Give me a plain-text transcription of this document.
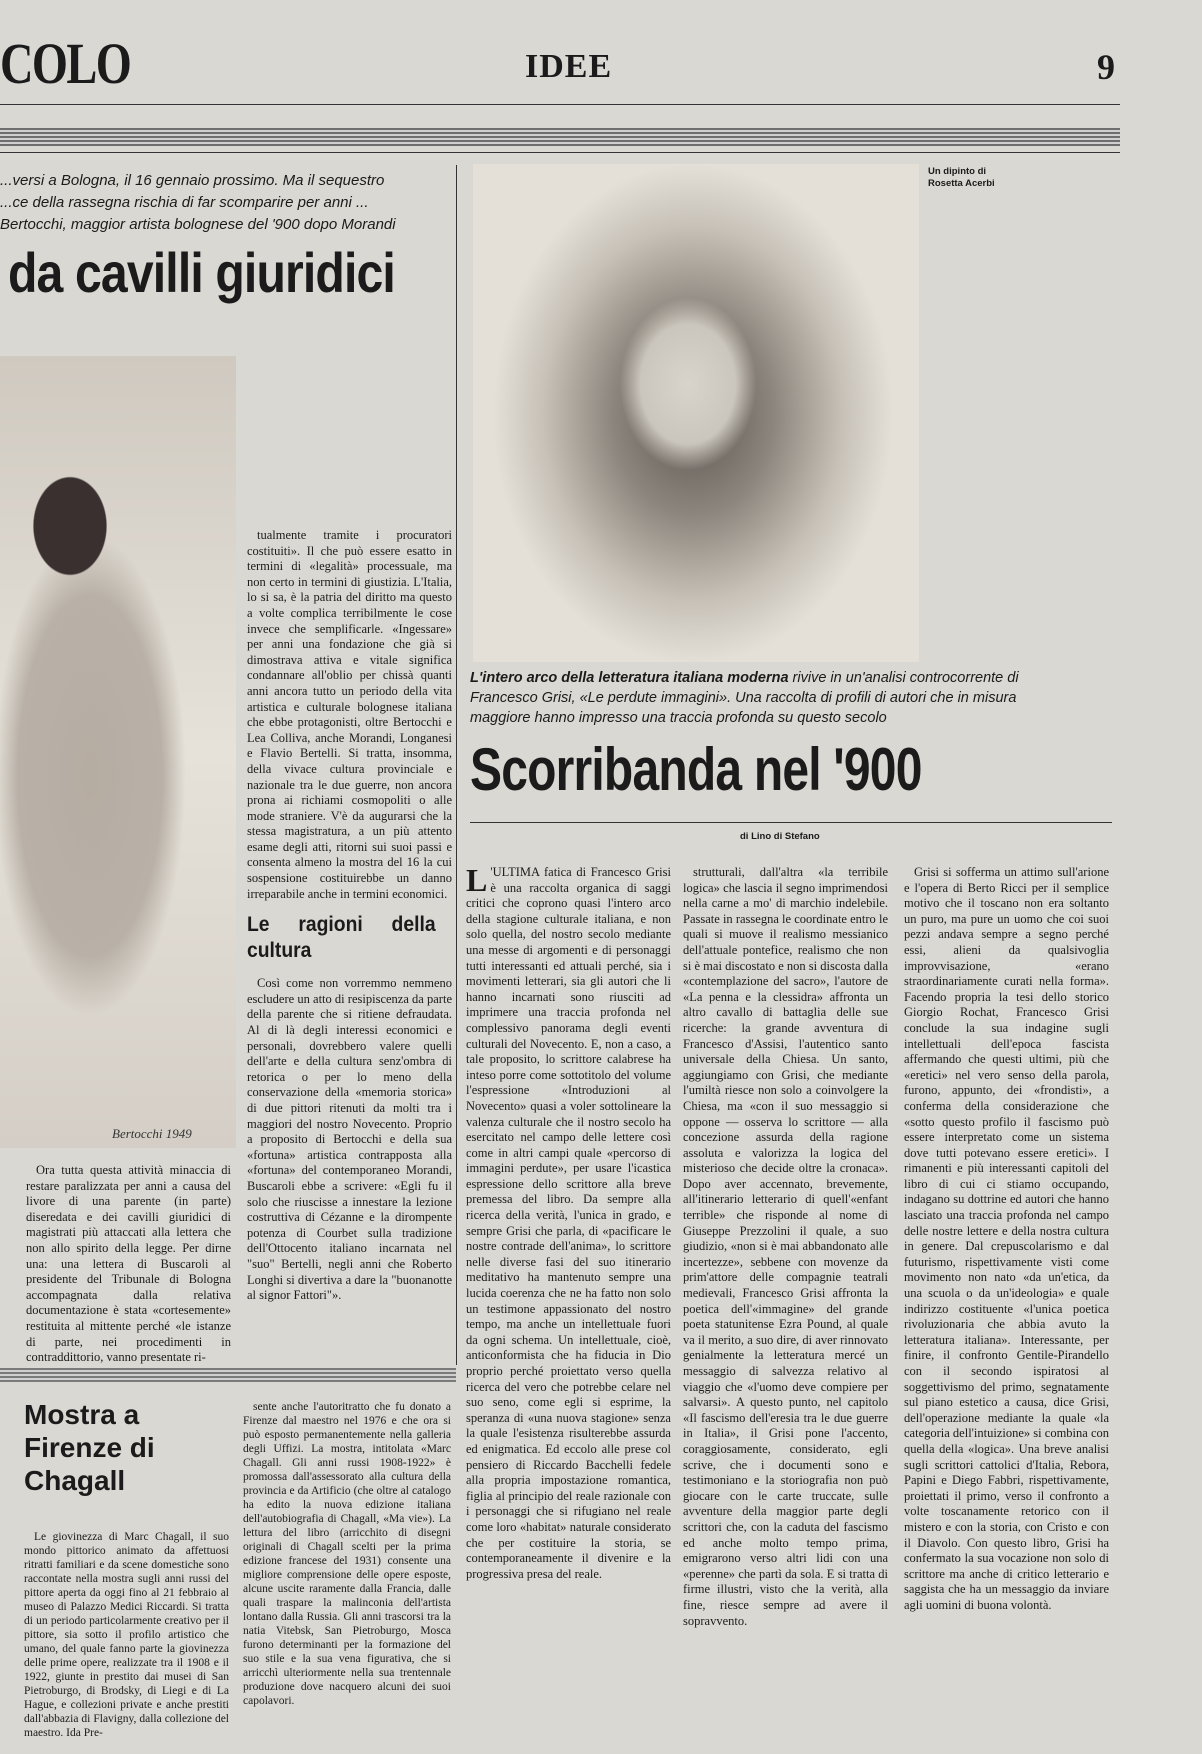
COLO	IDEE	9
...versi a Bologna, il 16 gennaio prossimo. Ma il sequestro ...ce della rassegna rischia di far scomparire per anni ... Bertocchi, maggior artista bolognese del '900 dopo Morandi
da cavilli giuridici
Bertocchi 1949

Ora tutta questa attività minaccia di restare paralizzata per anni a causa del livore di una parente (in parte) diseredata e dei cavilli giuridici di magistrati più attaccati alla lettera che non allo spirito della legge. Per dirne una: una lettera di Buscaroli al presidente del Tribunale di Bologna accompagnata dalla relativa documentazione è stata «cortesemente» restituita al mittente perché «le istanze di parte, nei procedimenti in contraddittorio, vanno presentate ri-

tualmente tramite i procuratori costituiti». Il che può essere esatto in termini di «legalità» processuale, ma non certo in termini di giustizia. L'Italia, lo si sa, è la patria del diritto ma questo a volte complica terribilmente le cose invece che semplificarle. «Ingessare» per anni una fondazione che già si dimostrava attiva e vitale significa condannare all'oblio per chissà quanti anni ancora tutto un periodo della vita artistica e culturale bolognese italiana che ebbe protagonisti, oltre Bertocchi e Lea Colliva, anche Morandi, Longanesi e Flavio Bertelli. Si tratta, insomma, della vivace cultura provinciale e nazionale tra le due guerre, non ancora prona ai richiami cosmopoliti o alle mode straniere. V'è da augurarsi che la stessa magistratura, a un più attento esame degli atti, ritorni sui suoi passi e consenta almeno la mostra del 16 la cui sospensione costituirebbe un danno irreparabile anche in termini economici.

Le ragioni della cultura

Così come non vorremmo nemmeno escludere un atto di resipiscenza da parte della parente che si ritiene defraudata. Al di là degli interessi economici e personali, dovrebbero valere quelli dell'arte e della cultura senz'ombra di retorica o per lo meno della conservazione della «memoria storica» di due pittori ritenuti da molti tra i maggiori del nostro Novecento. Proprio a proposito di Bertocchi e della sua «fortuna» artistica contrapposta alla «fortuna» del contemporaneo Morandi, Buscaroli ebbe a scrivere: «Egli fu il solo che riuscisse a innestare la lezione costruttiva di Cézanne e la dirompente potenza di Courbet sulla tradizione dell'Ottocento italiano incarnata nel "suo" Bertelli, negli anni che Roberto Longhi si divertiva a dare la "buonanotte al signor Fattori"».

Un dipinto di Rosetta Acerbi
L'intero arco della letteratura italiana moderna rivive in un'analisi controcorrente di Francesco Grisi, «Le perdute immagini». Una raccolta di profili di autori che in misura maggiore hanno impresso una traccia profonda su questo secolo
Scorribanda nel '900
di Lino di Stefano

L 'ULTIMA fatica di Francesco Grisi è una raccolta organica di saggi critici che coprono quasi l'intero arco della stagione culturale italiana, e non solo quella, del nostro secolo mediante una messe di argomenti e di personaggi tutti interessanti ed attuali perché, sia i movimenti letterari, sia gli autori che li hanno incarnati sono riusciti ad imprimere una traccia profonda nel complessivo panorama degli eventi culturali del Novecento. E, non a caso, a tale proposito, lo scrittore calabrese ha inteso porre come sottotitolo del volume l'espressione «Introduzioni al Novecento» quasi a voler sottolineare la valenza culturale che il nostro secolo ha esercitato nel campo delle lettere così come in altri campi quale «percorso di immagini perdute», per usare l'icastica espressione dello scrittore alla breve premessa del libro. Da sempre alla ricerca della verità, l'unica in grado, e sempre Grisi che parla, di «pacificare le nostre contrade dell'anima», lo scrittore nelle diverse fasi del suo itinerario meditativo ha mantenuto sempre una lucida coerenza che ne ha fatto non solo un testimone appassionato del nostro tempo, ma anche un intellettuale fuori da ogni schema. Un intellettuale, cioè, anticonformista che ha fiducia in Dio proprio perché proiettato verso quella ricerca del vero che potrebbe celare nel suo seno, come egli si esprime, la speranza di «una nuova stagione» senza la quale l'esistenza risulterebbe assurda ed enigmatica. Ed eccolo alle prese col pensiero di Riccardo Bacchelli fedele alla propria impostazione romantica, figlia al principio del reale razionale con i personaggi che si rifugiano nel reale come loro «habitat» naturale considerato che per costituire la storia, se contemporaneamente il divenire e la progressiva presa del reale.

strutturali, dall'altra «la terribile logica» che lascia il segno imprimendosi nella carne a mo' di marchio indelebile. Passate in rassegna le coordinate entro le quali si muove il realismo messianico dell'attuale pontefice, realismo che non si è mai discostato e non si discosta dalla «contemplazione del sacro», l'autore de «La penna e la clessidra» affronta un altro cavallo di battaglia delle sue ricerche: la grande avventura di Francesco d'Assisi, l'autentico santo universale della Chiesa. Un santo, aggiungiamo con Grisi, che mediante l'umiltà riesce non solo a coinvolgere la Chiesa, ma «con il suo messaggio si oppone — osserva lo scrittore — alla concezione assurda della ragione assoluta e valorizza la logica del misterioso che decide oltre la cronaca». Dopo aver accennato, brevemente, all'itinerario letterario di quell'«enfant terrible» che risponde al nome di Giuseppe Prezzolini il quale, a suo giudizio, «non si è mai abbandonato alle incertezze», sebbene con movenze da prim'attore delle compagnie teatrali medievali, Francesco Grisi affronta la poetica dell'«immagine» del grande poeta statunitense Ezra Pound, al quale va il merito, a suo dire, di aver rinnovato genialmente la letteratura mercé un messaggio di salvezza relativo al viaggio che «l'uomo deve compiere per salvarsi». A questo punto, nel capitolo «Il fascismo dell'eresia tra le due guerre in Italia», il Grisi pone l'accento, coraggiosamente, considerato, egli scrive, che i documenti sono e testimoniano e la storiografia non può giocare con le carte truccate, sulle avventure della maggior parte degli scrittori che, con la caduta del fascismo ed anche molto tempo prima, emigrarono verso altri lidi con una «perenne» che partì da sola. E si tratta di firme illustri, visto che la verità, alla fine, riesce sempre ad avere il sopravvento.

Grisi si sofferma un attimo sull'arione e l'opera di Berto Ricci per il semplice motivo che il toscano non era soltanto un puro, ma pure un uomo che coi suoi pezzi andava sempre a segno perché essi, alieni da qualsivoglia improvvisazione, «erano straordinariamente curati nella forma». Facendo propria la tesi dello storico Giorgio Rochat, Francesco Grisi conclude la sua indagine sugli intellettuali dell'epoca fascista affermando che questi ultimi, più che «eretici» nel vero senso della parola, furono, appunto, dei «frondisti», a conferma della considerazione che «sotto questo profilo il fascismo può essere interpretato come un sistema dove tutti potevano essere eretici». I rimanenti e più interessanti capitoli del libro di cui ci stiamo occupando, indagano su dottrine ed autori che hanno lasciato una traccia profonda nel campo delle nostre lettere e della nostra cultura in genere. Dal crepuscolarismo e dal futurismo, rispettivamente visti come movimento non nato «da un'etica, da una scuola o da un'ideologia» e quale indirizzo costituente «l'unica poetica rivoluzionaria che abbia avuto la letteratura italiana». Interessante, per finire, il confronto Gentile-Pirandello con il secondo ispiratosi al soggettivismo del primo, segnatamente sul piano estetico a causa, dice Grisi, dell'operazione mediante la quale «la categoria dell'intuizione» si combina con quella della «logica». Una breve analisi sugli scrittori cattolici d'Italia, Rebora, Papini e Diego Fabbri, rispettivamente, proiettati il primo, verso il confronto a volte toscanamente retorico con il mistero e con la storia, con Cristo e con il Diavolo. Con questo libro, Grisi ha confermato la sua vocazione non solo di scrittore ma anche di critico letterario e saggista che ha un messaggio da inviare agli uomini di buona volontà.

Mostra a Firenze di Chagall

Le giovinezza di Marc Chagall, il suo mondo pittorico animato da affettuosi ritratti familiari e da scene domestiche sono raccontate nella mostra sugli anni russi del pittore aperta da oggi fino al 21 febbraio al museo di Palazzo Medici Riccardi. Si tratta di un periodo particolarmente creativo per il pittore, sia sotto il profilo artistico che umano, del quale fanno parte la giovinezza delle prime opere, realizzate tra il 1908 e il 1922, giunte in prestito dai musei di San Pietroburgo, di Brodsky, di Liegi e di La Hague, e collezioni private e anche prestiti dall'abbazia di Flavigny, dalla collezione del maestro. Ida Pre-

sente anche l'autoritratto che fu donato a Firenze dal maestro nel 1976 e che ora si può esposto permanentemente nella galleria degli Uffizi. La mostra, intitolata «Marc Chagall. Gli anni russi 1908-1922» è promossa dall'assessorato alla cultura della provincia e da Artificio (che oltre al catalogo ha edito la nuova edizione italiana dell'autobiografia di Chagall, «Ma vie»). La lettura del libro (arricchito di disegni originali di Chagall scelti per la prima edizione francese del 1931) consente una migliore comprensione delle opere esposte, alcune uscite raramente dalla Francia, dalle quali traspare la malinconia dell'artista lontano dalla Russia. Gli anni trascorsi tra la natia Vitebsk, San Pietroburgo, Mosca furono determinanti per la formazione del suo stile e la sua vena figurativa, che si arricchì ulteriormente nella sua trentennale produzione dove nacquero alcuni dei suoi capolavori.
